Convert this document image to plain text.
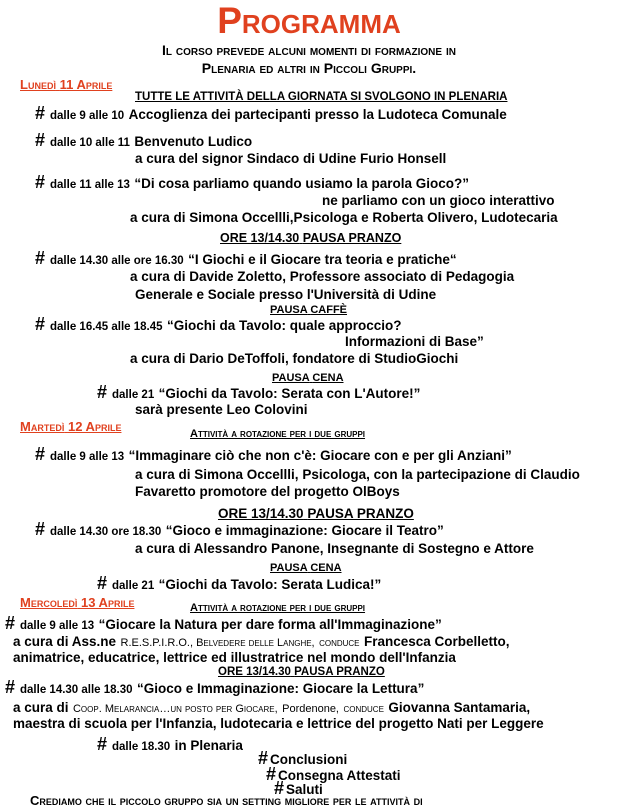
Programma
Il corso prevede alcuni momenti di formazione in
Plenaria ed altri in Piccoli Gruppi.
Lunedì 11 Aprile
TUTTE LE ATTIVITÀ DELLA GIORNATA SI SVOLGONO IN PLENARIA
# dalle 9 alle 10 Accoglienza dei partecipanti presso la Ludoteca Comunale
# dalle 10 alle 11 Benvenuto Ludico
a cura del signor Sindaco di Udine Furio Honsell
# dalle 11 alle 13 “Di cosa parliamo quando usiamo la parola Gioco?”
ne parliamo con un gioco interattivo
a cura di Simona Occellli,Psicologa e Roberta Olivero, Ludotecaria
ORE 13/14.30 PAUSA PRANZO
# dalle 14.30 alle ore 16.30 “I Giochi e il Giocare tra teoria e pratiche“
a cura di Davide Zoletto, Professore associato di Pedagogia
Generale e Sociale presso l'Università di Udine
PAUSA CAFFÈ
# dalle 16.45 alle 18.45 “Giochi da Tavolo: quale approccio?
Informazioni di Base”
a cura di Dario DeToffoli, fondatore di StudioGiochi
PAUSA CENA
# dalle 21 “Giochi da Tavolo: Serata con L'Autore!”
sarà presente Leo Colovini
Martedì 12 Aprile	Attività a rotazione per i due gruppi
# dalle 9 alle 13 “Immaginare ciò che non c'è: Giocare con e per gli Anziani”
a cura di Simona Occellli, Psicologa, con la partecipazione di Claudio
Favaretto promotore del progetto OlBoys
ORE 13/14.30 PAUSA PRANZO
# dalle 14.30 ore 18.30 “Gioco e immaginazione: Giocare il Teatro”
a cura di Alessandro Panone, Insegnante di Sostegno e Attore
PAUSA CENA
# dalle 21 “Giochi da Tavolo: Serata Ludica!”
Mercoledì 13 Aprile	Attività a rotazione per i due gruppi
# dalle 9 alle 13 “Giocare la Natura per dare forma all'Immaginazione”
a cura di Ass.ne R.E.S.P.I.R.O., Belvedere delle Langhe, conduce Francesca Corbelletto,
animatrice, educatrice, lettrice ed illustratrice nel mondo dell'Infanzia
ORE 13/14.30 PAUSA PRANZO
# dalle 14.30 alle 18.30 “Gioco e Immaginazione: Giocare la Lettura”
a cura di Coop. Melarancia…un posto per Giocare, Pordenone, conduce Giovanna Santamaria,
maestra di scuola per l'Infanzia, ludotecaria e lettrice del progetto Nati per Leggere
# dalle 18.30 in Plenaria
# Conclusioni
# Consegna Attestati
# Saluti
Crediamo che il piccolo gruppo sia un setting migliore per le attività di
